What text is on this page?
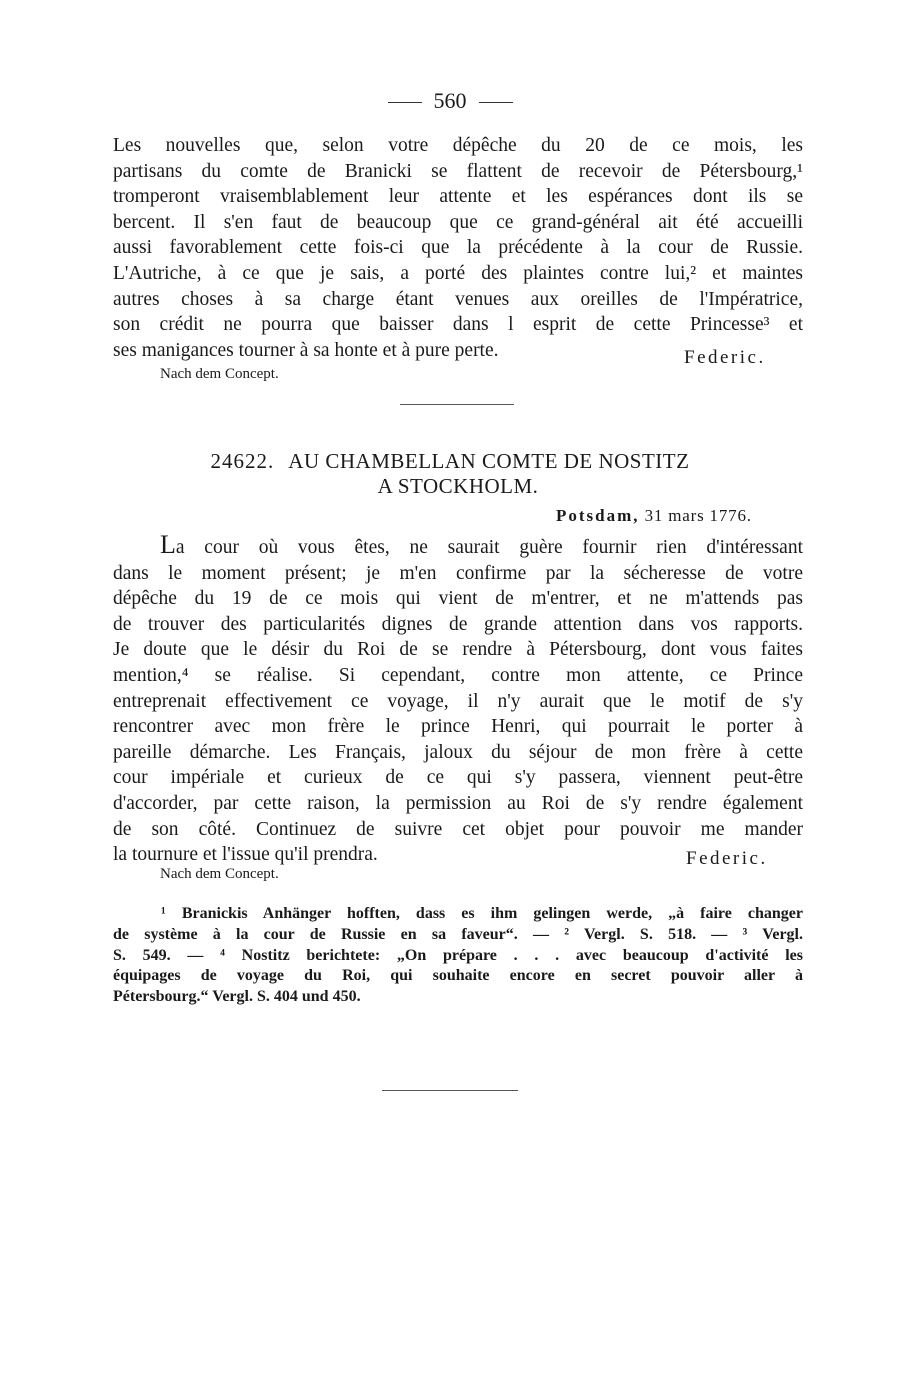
560
Les nouvelles que, selon votre dépêche du 20 de ce mois, les
partisans du comte de Branicki se flattent de recevoir de Pétersbourg,¹
tromperont vraisemblablement leur attente et les espérances dont ils se
bercent. Il s'en faut de beaucoup que ce grand-général ait été accueilli
aussi favorablement cette fois-ci que la précédente à la cour de Russie.
L'Autriche, à ce que je sais, a porté des plaintes contre lui,² et maintes
autres choses à sa charge étant venues aux oreilles de l'Impératrice,
son crédit ne pourra que baisser dans l esprit de cette Princesse³ et
ses manigances tourner à sa honte et à pure perte.	Federic.
Nach dem Concept.
24622. AU CHAMBELLAN COMTE DE NOSTITZ
A STOCKHOLM.
Potsdam, 31 mars 1776.
La cour où vous êtes, ne saurait guère fournir rien d'intéressant
dans le moment présent; je m'en confirme par la sécheresse de votre
dépêche du 19 de ce mois qui vient de m'entrer, et ne m'attends pas
de trouver des particularités dignes de grande attention dans vos rapports.
Je doute que le désir du Roi de se rendre à Pétersbourg, dont vous faites
mention,⁴ se réalise. Si cependant, contre mon attente, ce Prince
entreprenait effectivement ce voyage, il n'y aurait que le motif de s'y
rencontrer avec mon frère le prince Henri, qui pourrait le porter à
pareille démarche. Les Français, jaloux du séjour de mon frère à cette
cour impériale et curieux de ce qui s'y passera, viennent peut-être
d'accorder, par cette raison, la permission au Roi de s'y rendre également
de son côté. Continuez de suivre cet objet pour pouvoir me mander
la tournure et l'issue qu'il prendra.	Federic.
Nach dem Concept.
¹ Branickis Anhänger hofften, dass es ihm gelingen werde, „à faire changer
de système à la cour de Russie en sa faveur“. — ² Vergl. S. 518. — ³ Vergl.
S. 549. — ⁴ Nostitz berichtete: „On prépare . . . avec beaucoup d'activité les
équipages de voyage du Roi, qui souhaite encore en secret pouvoir aller à
Pétersbourg.“ Vergl. S. 404 und 450.
